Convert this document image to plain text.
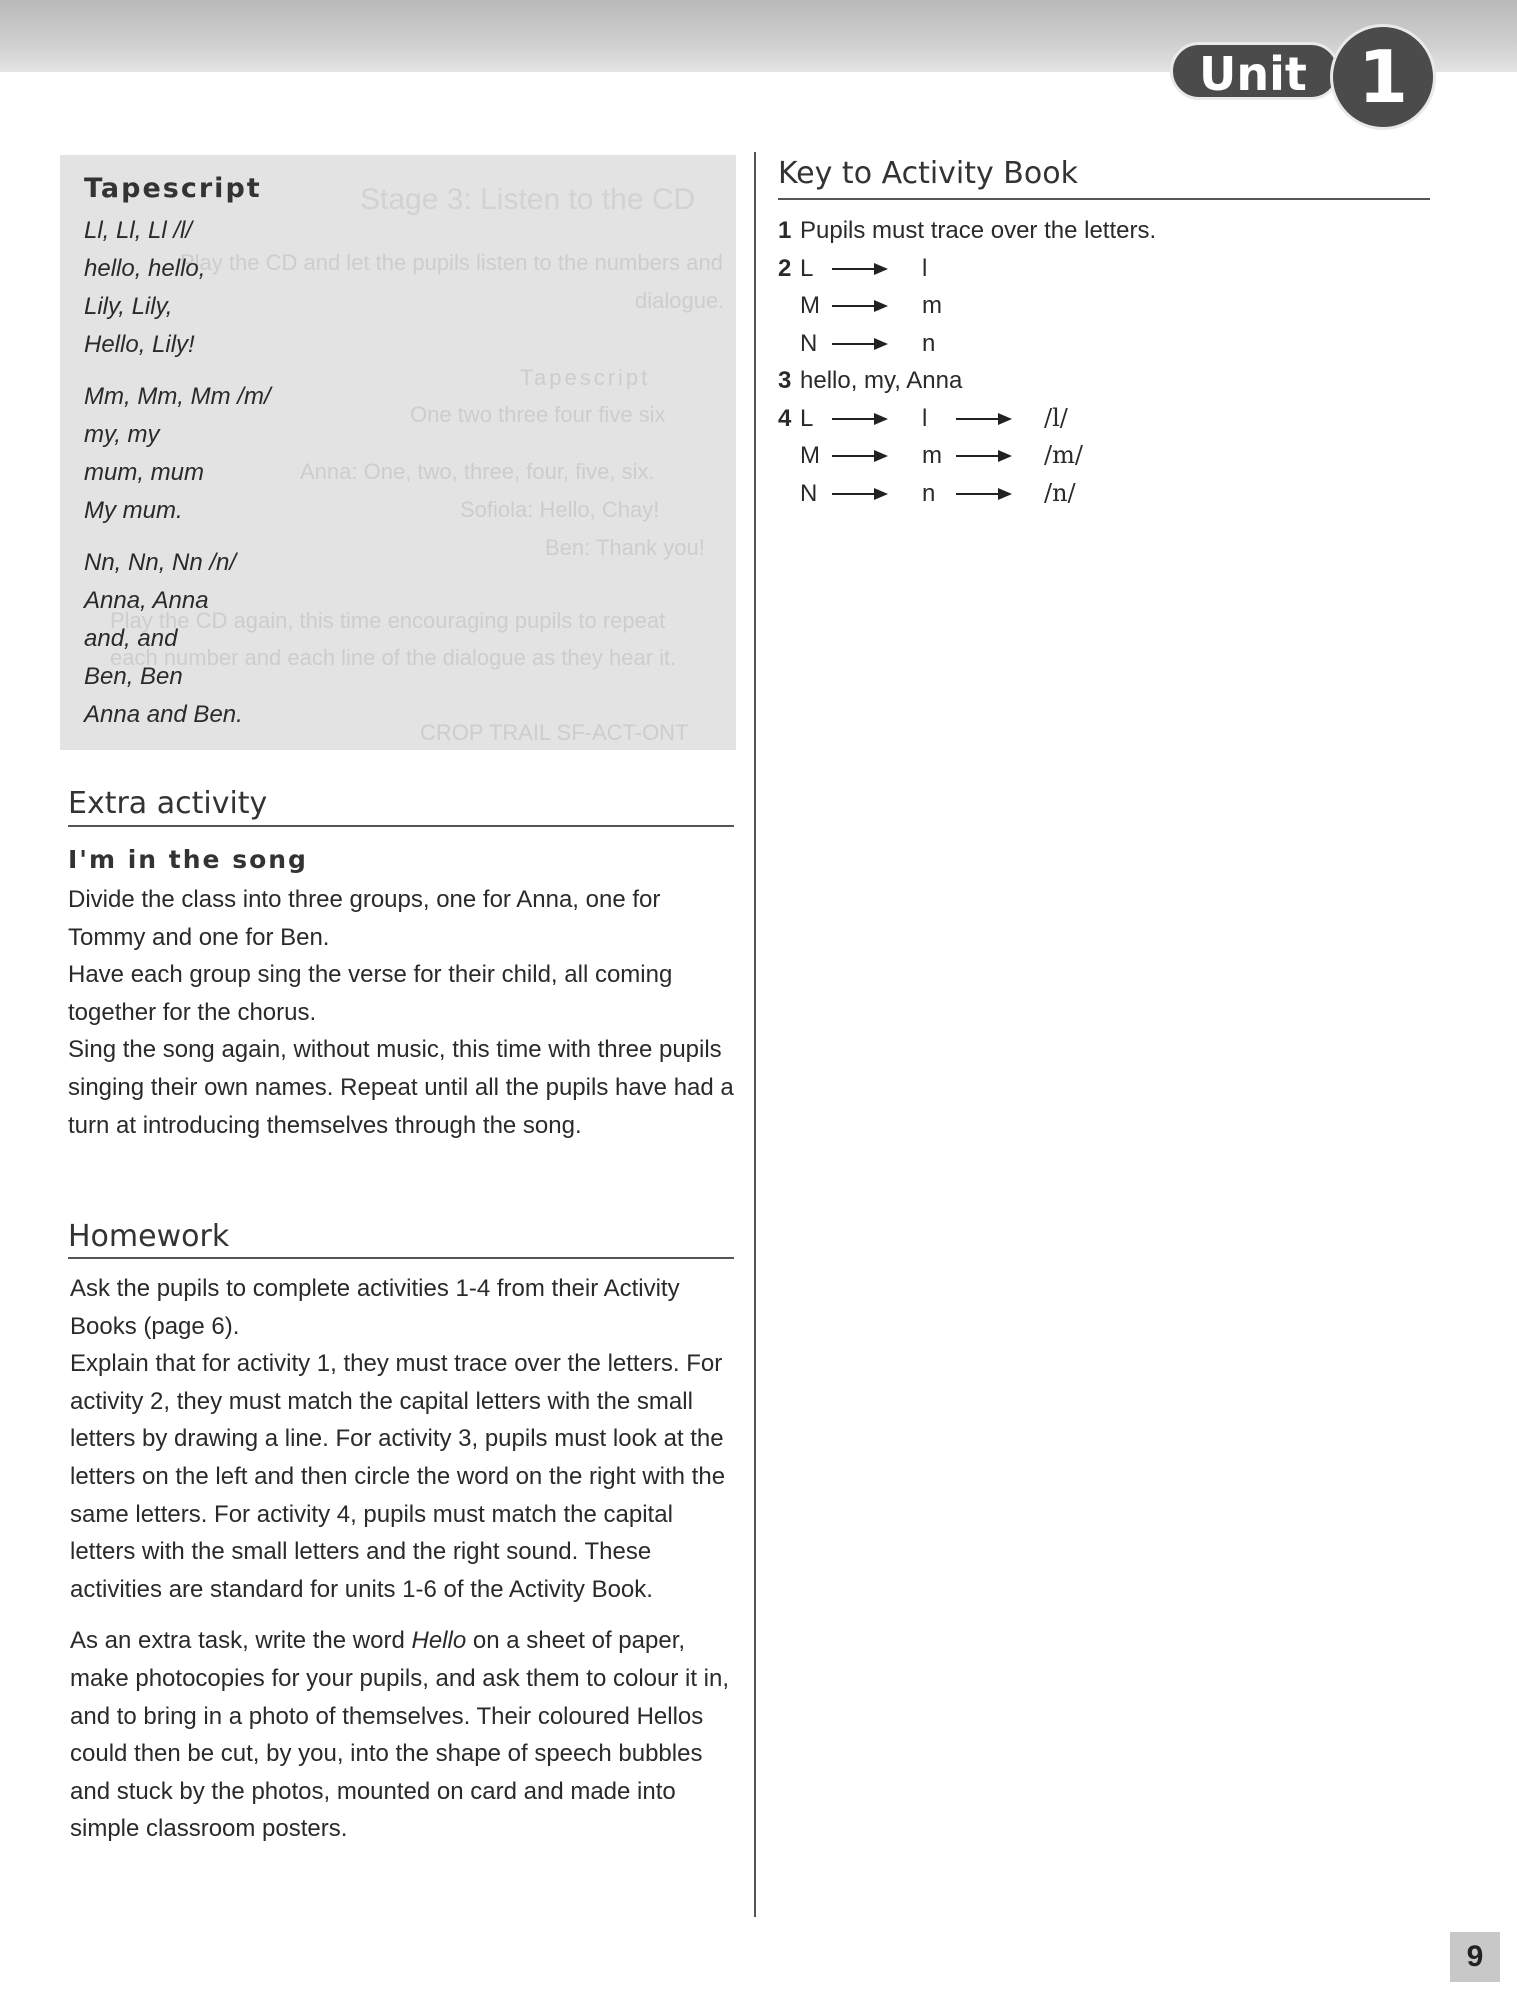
Unit 1
Stage 3: Listen to the CD
Play the CD and let the pupils listen to the numbers and
dialogue.
Tapescript
One two three four five six
Anna: One, two, three, four, five, six.
Sofiola: Hello, Chay!
Ben: Thank you!
Play the CD again, this time encouraging pupils to repeat
each number and each line of the dialogue as they hear it.
CROP TRAIL SF-ACT-ONT
Tapescript
Ll, Ll, Ll /l/
hello, hello,
Lily, Lily,
Hello, Lily!
Mm, Mm, Mm /m/
my, my
mum, mum
My mum.
Nn, Nn, Nn /n/
Anna, Anna
and, and
Ben, Ben
Anna and Ben.
Extra activity
I'm in the song

Divide the class into three groups, one for Anna, one for Tommy and one for Ben.

Have each group sing the verse for their child, all coming together for the chorus.

Sing the song again, without music, this time with three pupils singing their own names. Repeat until all the pupils have had a turn at introducing themselves through the song.

Homework

Ask the pupils to complete activities 1-4 from their Activity Books (page 6).

Explain that for activity 1, they must trace over the letters. For activity 2, they must match the capital letters with the small letters by drawing a line. For activity 3, pupils must look at the letters on the left and then circle the word on the right with the same letters. For activity 4, pupils must match the capital letters with the small letters and the right sound. These activities are standard for units 1-6 of the Activity Book.

As an extra task, write the word Hello on a sheet of paper, make photocopies for your pupils, and ask them to colour it in, and to bring in a photo of themselves. Their coloured Hellos could then be cut, by you, into the shape of speech bubbles and stuck by the photos, mounted on card and made into simple classroom posters.

Key to Activity Book
1 Pupils must trace over the letters.
2 L	l
M	m
N	n
3 hello, my, Anna
4 L	l	/l/
M	m	/m/
N	n	/n/
9
